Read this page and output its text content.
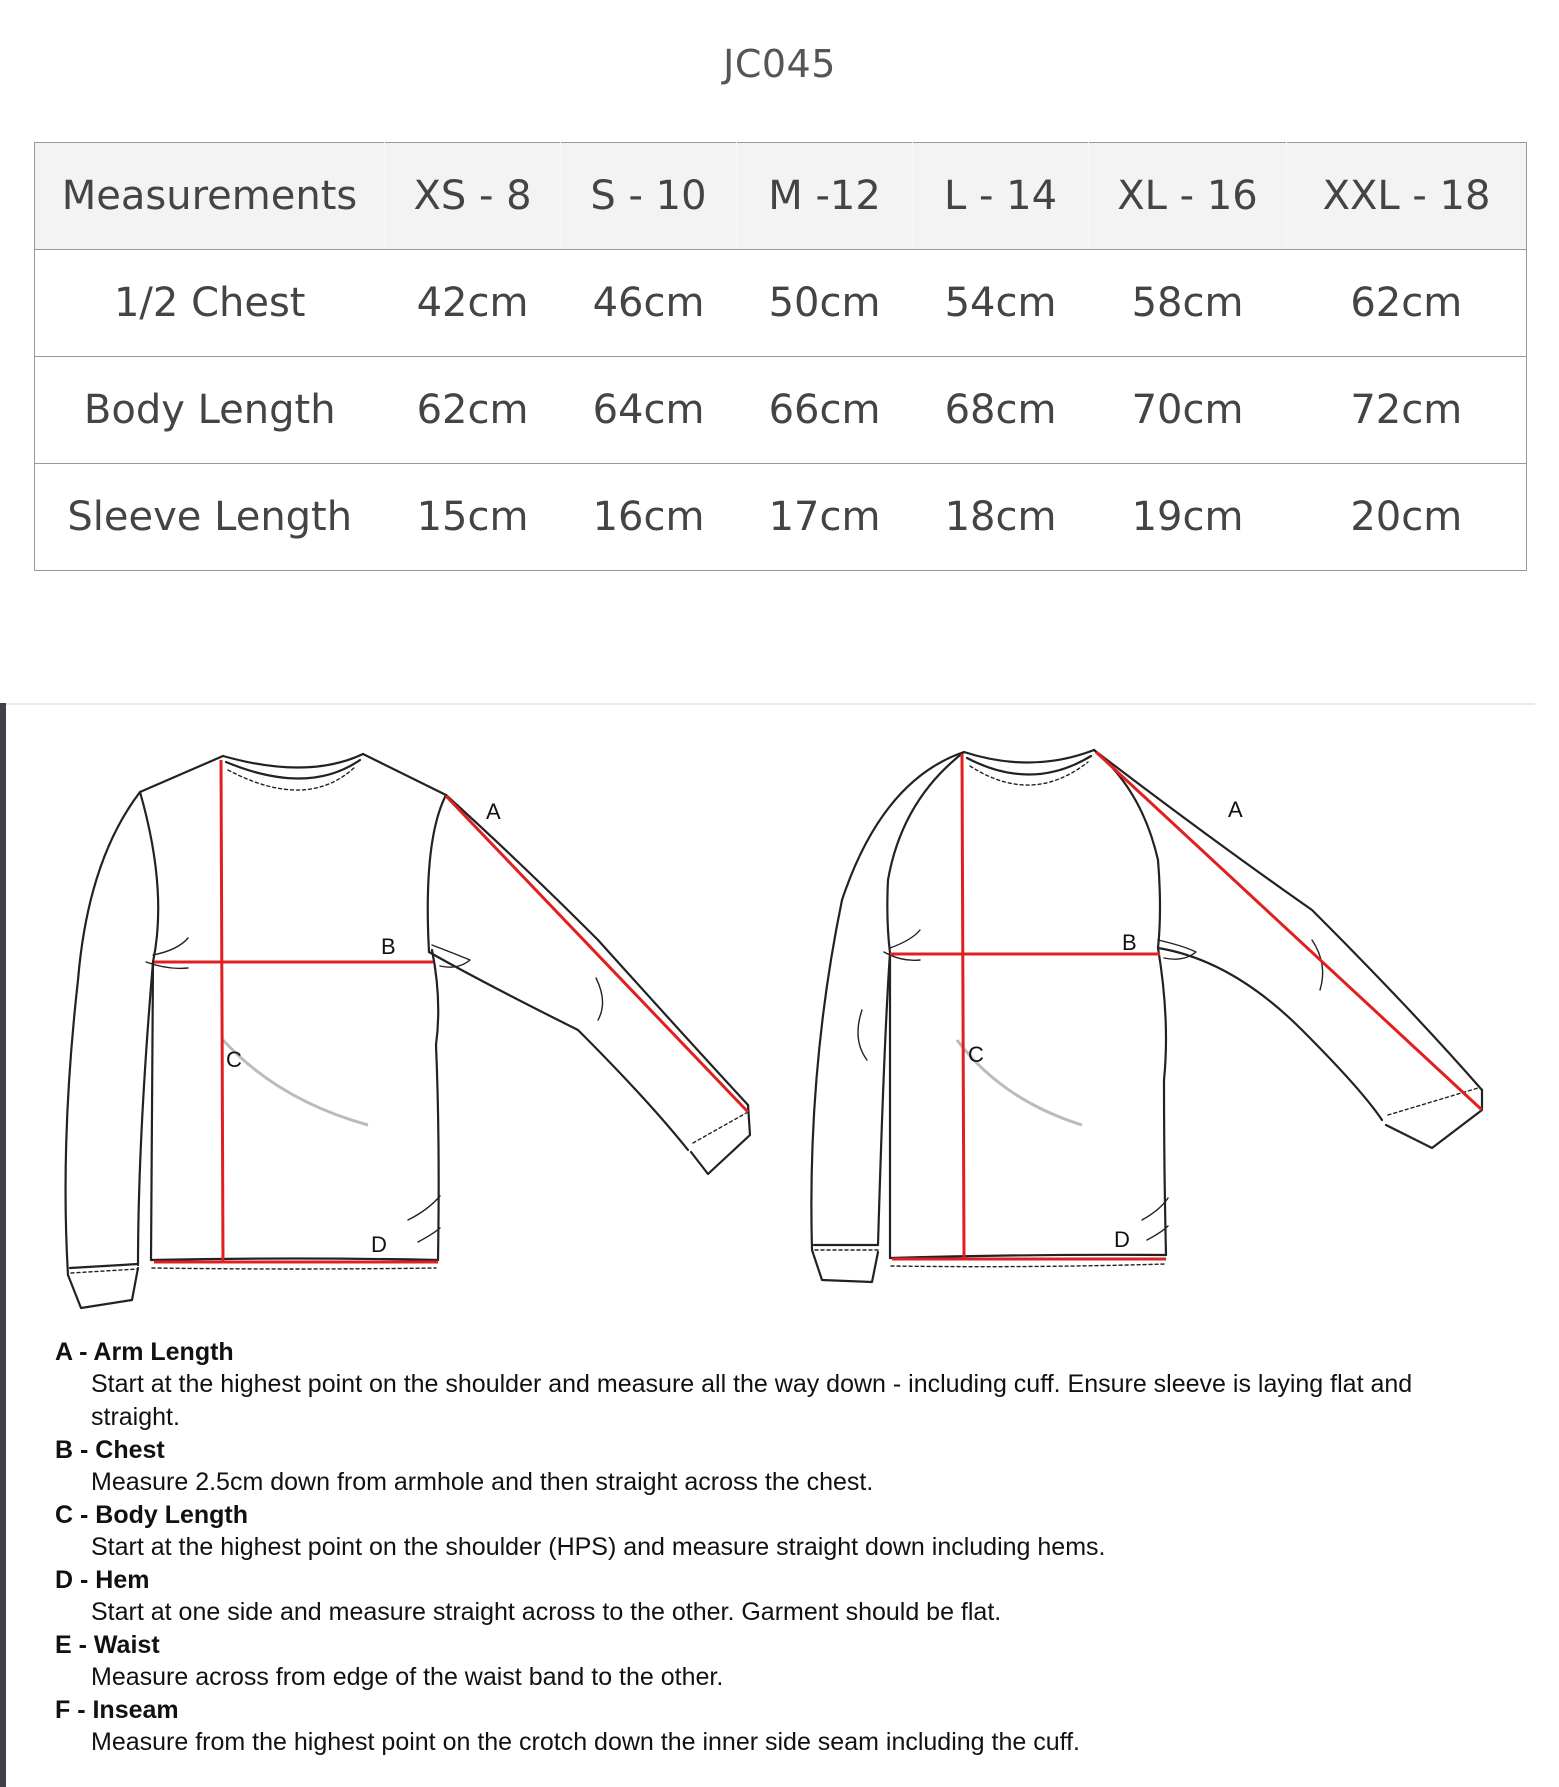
JC045
Measurements	XS - 8	S - 10	M -12	L - 14	XL - 16	XXL - 18
1/2 Chest	42cm	46cm	50cm	54cm	58cm	62cm
Body Length	62cm	64cm	66cm	68cm	70cm	72cm
Sleeve Length	15cm	16cm	17cm	18cm	19cm	20cm
A
B
C
D
A
B
C
D
A - Arm Length
Start at the highest point on the shoulder and measure all the way down - including cuff. Ensure sleeve is laying flat and straight.
B - Chest
Measure 2.5cm down from armhole and then straight across the chest.
C - Body Length
Start at the highest point on the shoulder (HPS) and measure straight down including hems.
D - Hem
Start at one side and measure straight across to the other. Garment should be flat.
E - Waist
Measure across from edge of the waist band to the other.
F - Inseam
Measure from the highest point on the crotch down the inner side seam including the cuff.
